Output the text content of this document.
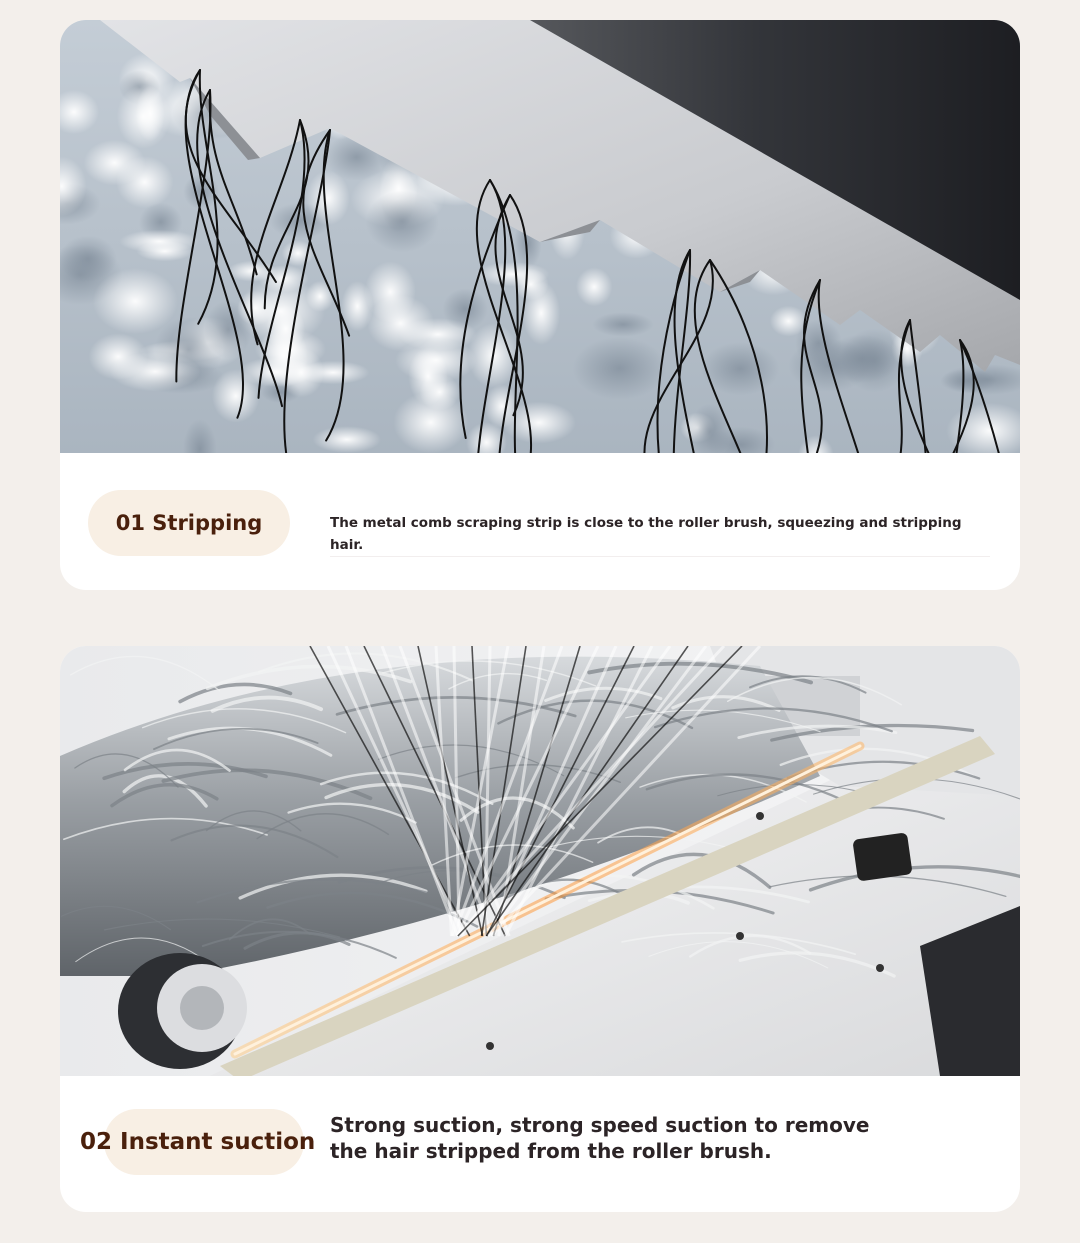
01 Stripping	The metal comb scraping strip is close to the roller brush, squeezing and stripping hair.
02 Instant suction
Strong suction, strong speed suction to remove the hair stripped from the roller brush.
